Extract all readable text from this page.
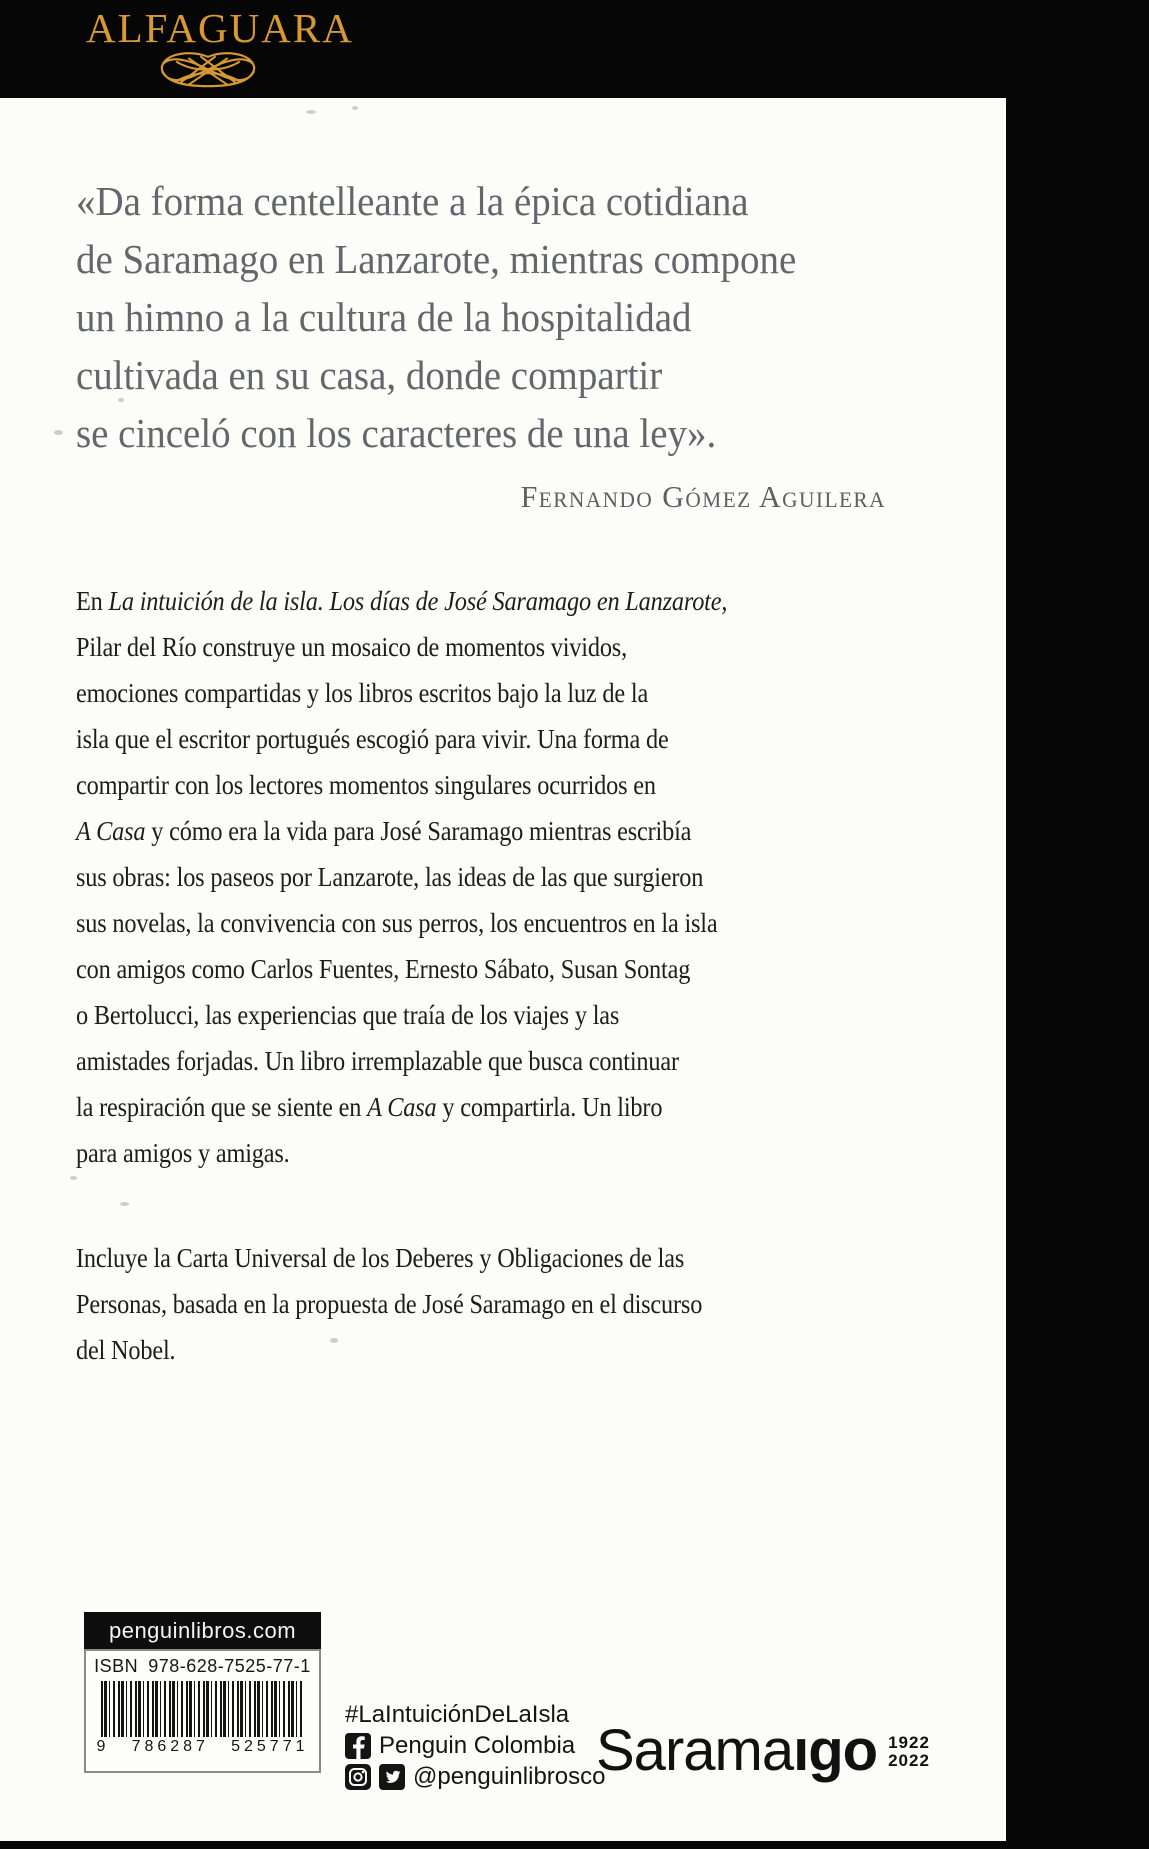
ALFAGUARA
«Da forma centelleante a la épica cotidiana
de Saramago en Lanzarote, mientras compone
un himno a la cultura de la hospitalidad
cultivada en su casa, donde compartir
se cinceló con los caracteres de una ley».
Fernando Gómez Aguilera
En La intuición de la isla. Los días de José Saramago en Lanzarote,
Pilar del Río construye un mosaico de momentos vividos,
emociones compartidas y los libros escritos bajo la luz de la
isla que el escritor portugués escogió para vivir. Una forma de
compartir con los lectores momentos singulares ocurridos en
A Casa y cómo era la vida para José Saramago mientras escribía
sus obras: los paseos por Lanzarote, las ideas de las que surgieron
sus novelas, la convivencia con sus perros, los encuentros en la isla
con amigos como Carlos Fuentes, Ernesto Sábato, Susan Sontag
o Bertolucci, las experiencias que traía de los viajes y las
amistades forjadas. Un libro irremplazable que busca continuar
la respiración que se siente en A Casa y compartirla. Un libro
para amigos y amigas.
Incluye la Carta Universal de los Deberes y Obligaciones de las
Personas, basada en la propuesta de José Saramago en el discurso
del Nobel.
penguinlibros.com
ISBN 978-628-7525-77-1
9 786287 525771
#LaIntuiciónDeLaIsla
Penguin Colombia
@penguinlibrosco
Sarama ıgo 1922
2022
